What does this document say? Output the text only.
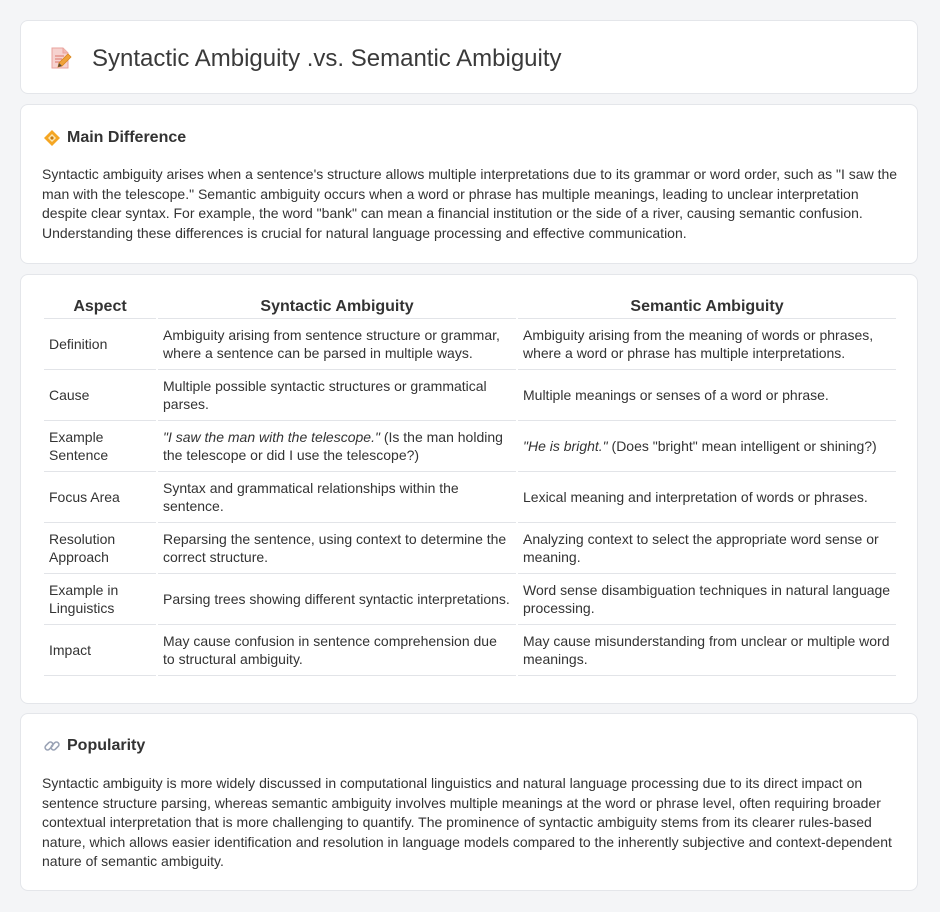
Syntactic Ambiguity .vs. Semantic Ambiguity
Main Difference

Syntactic ambiguity arises when a sentence's structure allows multiple interpretations due to its grammar or word order, such as "I saw the man with the telescope." Semantic ambiguity occurs when a word or phrase has multiple meanings, leading to unclear interpretation despite clear syntax. For example, the word "bank" can mean a financial institution or the side of a river, causing semantic confusion. Understanding these differences is crucial for natural language processing and effective communication.

Aspect	Syntactic Ambiguity	Semantic Ambiguity
Definition	Ambiguity arising from sentence structure or grammar, where a sentence can be parsed in multiple ways.	Ambiguity arising from the meaning of words or phrases, where a word or phrase has multiple interpretations.
Cause	Multiple possible syntactic structures or grammatical parses.	Multiple meanings or senses of a word or phrase.
Example Sentence	"I saw the man with the telescope." (Is the man holding the telescope or did I use the telescope?)	"He is bright." (Does "bright" mean intelligent or shining?)
Focus Area	Syntax and grammatical relationships within the sentence.	Lexical meaning and interpretation of words or phrases.
Resolution Approach	Reparsing the sentence, using context to determine the correct structure.	Analyzing context to select the appropriate word sense or meaning.
Example in Linguistics	Parsing trees showing different syntactic interpretations.	Word sense disambiguation techniques in natural language processing.
Impact	May cause confusion in sentence comprehension due to structural ambiguity.	May cause misunderstanding from unclear or multiple word meanings.
Popularity

Syntactic ambiguity is more widely discussed in computational linguistics and natural language processing due to its direct impact on sentence structure parsing, whereas semantic ambiguity involves multiple meanings at the word or phrase level, often requiring broader contextual interpretation that is more challenging to quantify. The prominence of syntactic ambiguity stems from its clearer rules-based nature, which allows easier identification and resolution in language models compared to the inherently subjective and context-dependent nature of semantic ambiguity.
